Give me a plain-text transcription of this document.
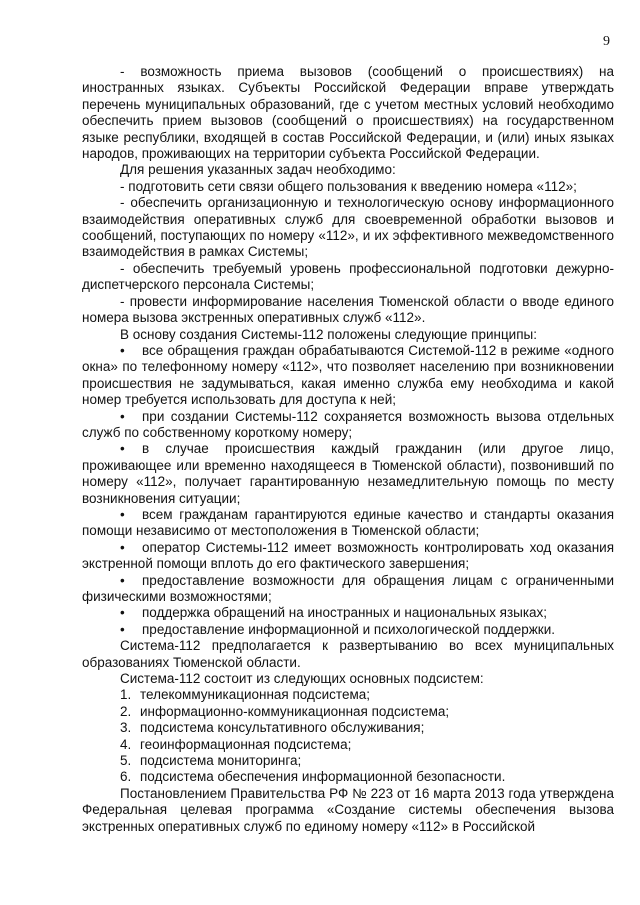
9

- возможность приема вызовов (сообщений о происшествиях) на иностранных языках. Субъекты Российской Федерации вправе утверждать перечень муниципальных образований, где с учетом местных условий необходимо обеспечить прием вызовов (сообщений о происшествиях) на государственном языке республики, входящей в состав Российской Федерации, и (или) иных языках народов, проживающих на территории субъекта Российской Федерации.

Для решения указанных задач необходимо:

- подготовить сети связи общего пользования к введению номера «112»;

- обеспечить организационную и технологическую основу информационного взаимодействия оперативных служб для своевременной обработки вызовов и сообщений, поступающих по номеру «112», и их эффективного межведомственного взаимодействия в рамках Системы;

- обеспечить требуемый уровень профессиональной подготовки дежурно-диспетчерского персонала Системы;

- провести информирование населения Тюменской области о вводе единого номера вызова экстренных оперативных служб «112».

В основу создания Системы-112 положены следующие принципы:

• все обращения граждан обрабатываются Системой-112 в режиме «одного окна» по телефонному номеру «112», что позволяет населению при возникновении происшествия не задумываться, какая именно служба ему необходима и какой номер требуется использовать для доступа к ней;

• при создании Системы-112 сохраняется возможность вызова отдельных служб по собственному короткому номеру;

• в случае происшествия каждый гражданин (или другое лицо, проживающее или временно находящееся в Тюменской области), позвонивший по номеру «112», получает гарантированную незамедлительную помощь по месту возникновения ситуации;

• всем гражданам гарантируются единые качество и стандарты оказания помощи независимо от местоположения в Тюменской области;

• оператор Системы-112 имеет возможность контролировать ход оказания экстренной помощи вплоть до его фактического завершения;

• предоставление возможности для обращения лицам с ограниченными физическими возможностями;

• поддержка обращений на иностранных и национальных языках;

• предоставление информационной и психологической поддержки.

Система-112 предполагается к развертыванию во всех муниципальных образованиях Тюменской области.

Система-112 состоит из следующих основных подсистем:

1. телекоммуникационная подсистема;

2. информационно-коммуникационная подсистема;

3. подсистема консультативного обслуживания;

4. геоинформационная подсистема;

5. подсистема мониторинга;

6. подсистема обеспечения информационной безопасности.

Постановлением Правительства РФ № 223 от 16 марта 2013 года утверждена Федеральная целевая программа «Создание системы обеспечения вызова экстренных оперативных служб по единому номеру «112» в Российской
